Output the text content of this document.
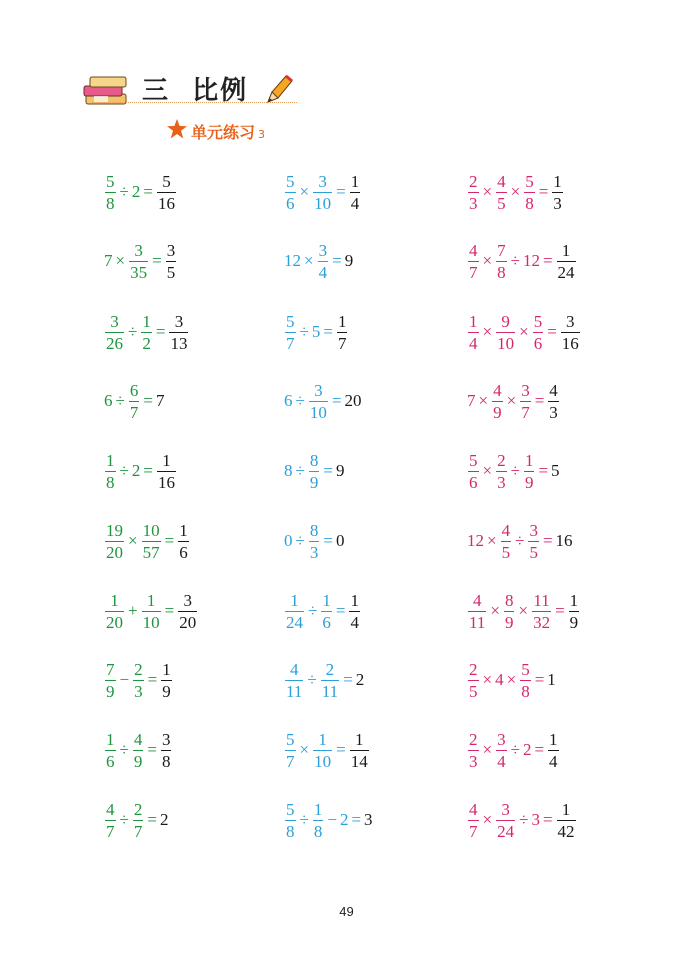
三  比例
单元练习 3
$\frac{5}{8} \div 2 = \frac{5}{16}$
$7 \times \frac{3}{35} = \frac{3}{5}$
$\frac{3}{26} \div \frac{1}{2} = \frac{3}{13}$
$6 \div \frac{6}{7} = 7$
$\frac{1}{8} \div 2 = \frac{1}{16}$
$\frac{19}{20} \times \frac{10}{57} = \frac{1}{6}$
$\frac{1}{20} + \frac{1}{10} = \frac{3}{20}$
$\frac{7}{9} - \frac{2}{3} = \frac{1}{9}$
$\frac{1}{6} \div \frac{4}{9} = \frac{3}{8}$
$\frac{4}{7} \div \frac{2}{7} = 2$
$\frac{5}{6} \times \frac{3}{10} = \frac{1}{4}$
$12 \times \frac{3}{4} = 9$
$\frac{5}{7} \div 5 = \frac{1}{7}$
$6 \div \frac{3}{10} = 20$
$8 \div \frac{8}{9} = 9$
$0 \div \frac{8}{3} = 0$
$\frac{1}{24} \div \frac{1}{6} = \frac{1}{4}$
$\frac{4}{11} \div \frac{2}{11} = 2$
$\frac{5}{7} \times \frac{1}{10} = \frac{1}{14}$
$\frac{5}{8} \div \frac{1}{8} - 2 = 3$
$\frac{2}{3} \times \frac{4}{5} \times \frac{5}{8} = \frac{1}{3}$
$\frac{4}{7} \times \frac{7}{8} \div 12 = \frac{1}{24}$
$\frac{1}{4} \times \frac{9}{10} \times \frac{5}{6} = \frac{3}{16}$
$7 \times \frac{4}{9} \times \frac{3}{7} = \frac{4}{3}$
$\frac{5}{6} \times \frac{2}{3} \div \frac{1}{9} = 5$
$12 \times \frac{4}{5} \div \frac{3}{5} = 16$
$\frac{4}{11} \times \frac{8}{9} \times \frac{11}{32} = \frac{1}{9}$
$\frac{2}{5} \times 4 \times \frac{5}{8} = 1$
$\frac{2}{3} \times \frac{3}{4} \div 2 = \frac{1}{4}$
$\frac{4}{7} \times \frac{3}{24} \div 3 = \frac{1}{42}$
49
